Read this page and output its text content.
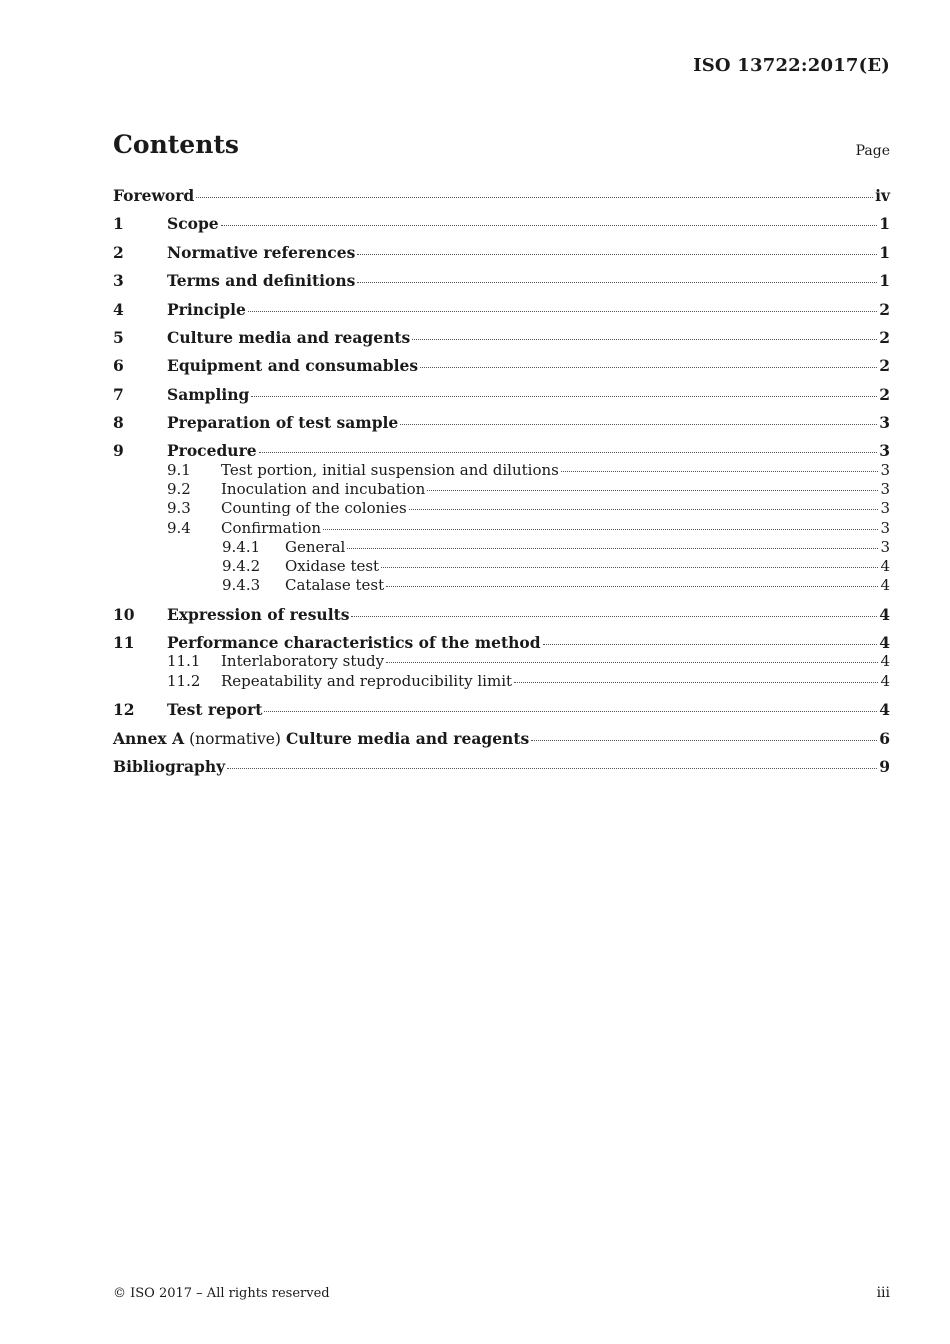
ISO 13722:2017(E)
Contents	Page
Foreword	iv
1	Scope	1
2	Normative references	1
3	Terms and definitions	1
4	Principle	2
5	Culture media and reagents	2
6	Equipment and consumables	2
7	Sampling	2
8	Preparation of test sample	3
9	Procedure	3
9.1	Test portion, initial suspension and dilutions	3
9.2	Inoculation and incubation	3
9.3	Counting of the colonies	3
9.4	Confirmation	3
9.4.1	General	3
9.4.2	Oxidase test	4
9.4.3	Catalase test	4
10	Expression of results	4
11	Performance characteristics of the method	4
11.1	Interlaboratory study	4
11.2	Repeatability and reproducibility limit	4
12	Test report	4
Annex A (normative) Culture media and reagents	6
Bibliography	9
© ISO 2017 – All rights reserved	iii
